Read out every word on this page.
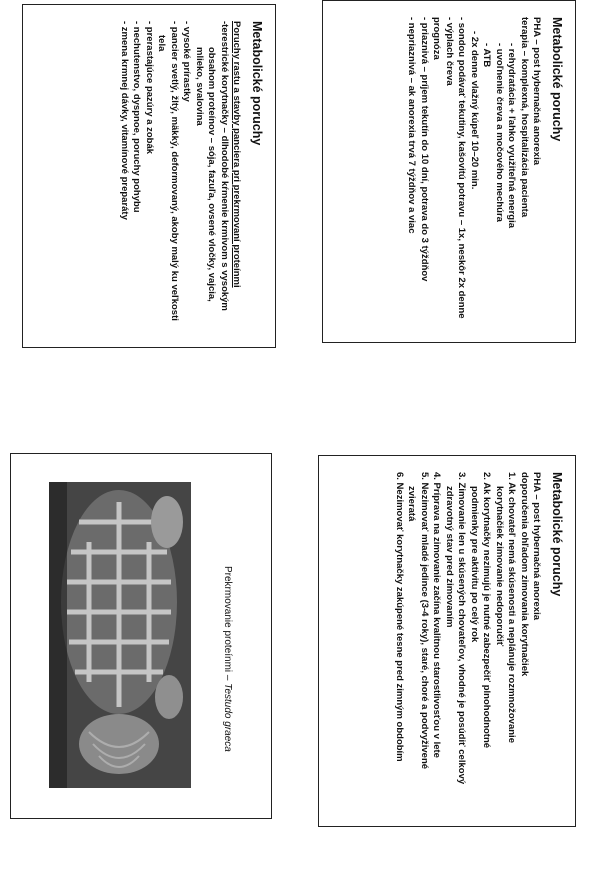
Metabolické poruchy
PHA – post hybernačná anorexia
terapia – komplexná, hospitalizácia pacienta
- rehydratácia + ľahko využiteľná energia
- uvoľnenie čreva a močového mechúra
- ATB
- 2x denne vlažný kúpeľ 10–20 min.
- sondou podávať tekutiny, kašovitú potravu – 1x, neskôr 2x denne
- výplach čreva
prognóza
- priaznivá – príjem tekutín do 10 dní, potrava do 3 týždňov
- nepriaznivá – ak anorexia trvá 7 týždňov a viac
Metabolické poruchy
PHA – post hybernačná anorexia
doporučenia ohľadom zimovania korytnačiek
1. Ak chovateľ nemá skúsenosti a neplánuje rozmnožovanie
korytnačiek zimovanie nedoporučiť
2. Ak korytnačky nezimujú je nutné zabezpečiť plnohodnotné
podmienky pre aktivitu po celý rok
3. Zimovanie len u skúsených chovateľov, vhodné je posúdiť celkový
zdravotný stav pred zimovaním
4. Príprava na zimovanie začína kvalitnou starostlivosťou v lete
5. Nezimovať mladé jedince (3-4 roky), staré, choré a podvyživené
zvieratá
6. Nezimovať korytnačky zakúpené tesne pred zimným obdobím
Metabolické poruchy
Poruchy rastu a stavby panciera pri prekrmovaní proteínmi
-terestrické korytnačky – dlhodobé kŕmenie krmivom s vysokým
obsahom proteínov – sója, fazuľa, ovsené vločky, vajcia,
mlieko, svalovina
- vysoké prírastky
- pancier svetlý, žltý, mäkký, deformovaný, akoby malý ku veľkosti
tela
- prerastajúce pazúry a zobák
- nechutenstvo, dyspnoe, poruchy pohybu
- zmena krmnej dávky, vitamínové preparáty
Prekrmovanie proteínmi – Testudo graeca
